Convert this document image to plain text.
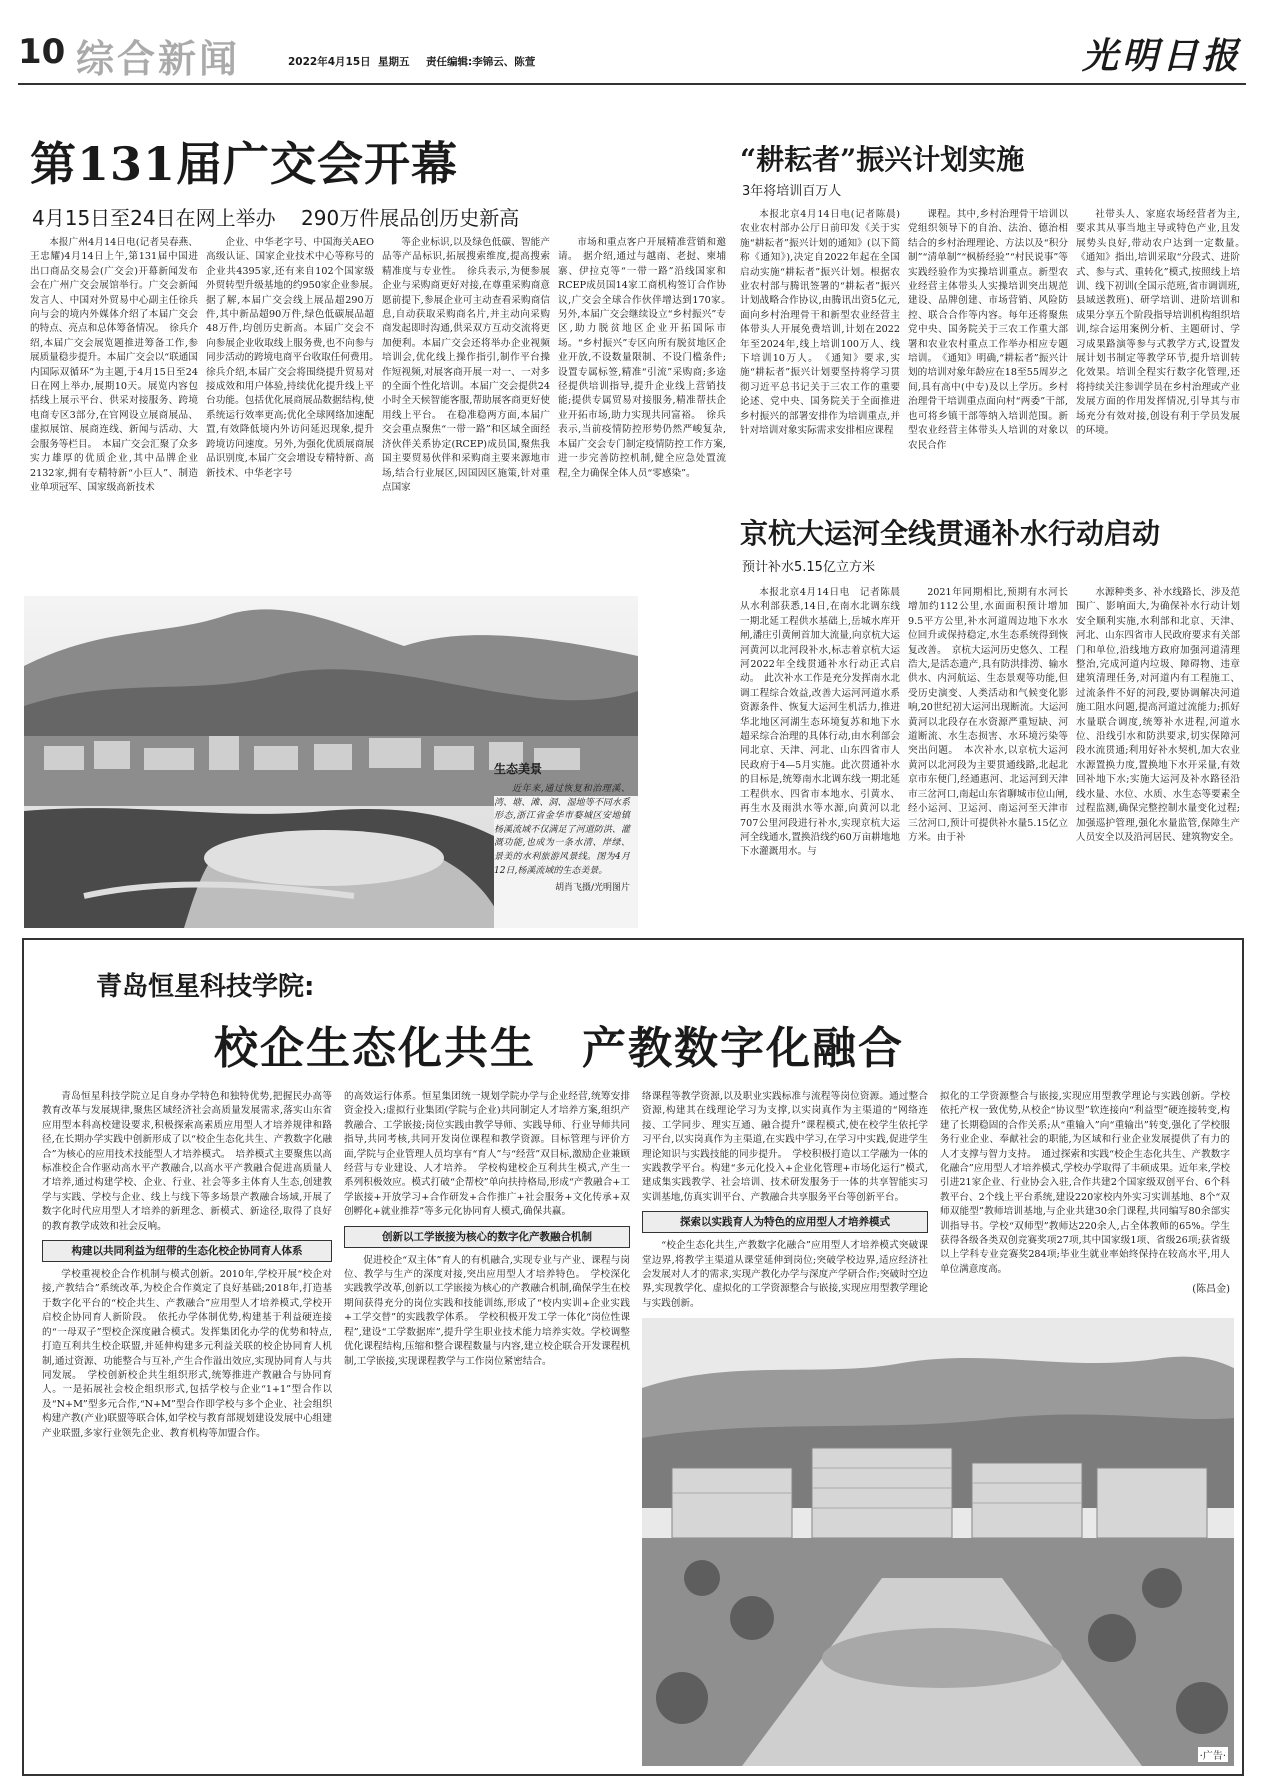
10 综合新闻	2022年4月15日 星期五 责任编辑:李锦云、陈萱	光明日报
第131届广交会开幕
4月15日至24日在网上举办    290万件展品创历史新高

本报广州4月14日电(记者吴春燕、王忠耀)4月14日上午,第131届中国进出口商品交易会(广交会)开幕新闻发布会在广州广交会展馆举行。广交会新闻发言人、中国对外贸易中心副主任徐兵向与会的境内外媒体介绍了本届广交会的特点、亮点和总体筹备情况。　徐兵介绍,本届广交会展览题推进筹备工作,参展质量稳步提升。本届广交会以“联通国内国际双循环”为主题,于4月15日至24日在网上举办,展期10天。展览内容包括线上展示平台、供采对接服务、跨境电商专区3部分,在官网设立展商展品、虚拟展馆、展商连线、新闻与活动、大会服务等栏目。　本届广交会汇聚了众多实力雄厚的优质企业,其中品牌企业2132家,拥有专精特新“小巨人”、制造业单项冠军、国家级高新技术

企业、中华老字号、中国海关AEO高级认证、国家企业技术中心等称号的企业共4395家,还有来自102个国家级外贸转型升级基地的约950家企业参展。　据了解,本届广交会线上展品超290万件,其中新品超90万件,绿色低碳展品超48万件,均创历史新高。本届广交会不向参展企业收取线上服务费,也不向参与同步活动的跨境电商平台收取任何费用。　徐兵介绍,本届广交会将围绕提升贸易对接成效和用户体验,持续优化提升线上平台功能。包括优化展商展品数据结构,使系统运行效率更高;优化全球网络加速配置,有效降低境内外访问延迟现象,提升跨境访问速度。另外,为强化优质展商展品识别度,本届广交会增设专精特新、高新技术、中华老字号

等企业标识,以及绿色低碳、智能产品等产品标识,拓展搜索维度,提高搜索精准度与专业性。　徐兵表示,为便参展企业与采购商更好对接,在尊重采购商意愿前提下,参展企业可主动查看采购商信息,自动获取采购商名片,并主动向采购商发起即时沟通,供采双方互动交流将更加便利。本届广交会还将举办企业视频培训会,优化线上操作指引,制作平台操作短视频,对展客商开展一对一、一对多的全面个性化培训。本届广交会提供24小时全天候智能客服,帮助展客商更好使用线上平台。　在稳准稳两方面,本届广交会重点聚焦“一带一路”和区域全面经济伙伴关系协定(RCEP)成员国,聚焦我国主要贸易伙伴和采购商主要来源地市场,结合行业展区,因国因区施策,针对重点国家

市场和重点客户开展精准营销和邀请。　据介绍,通过与越南、老挝、柬埔寨、伊拉克等“一带一路”沿线国家和RCEP成员国14家工商机构签订合作协议,广交会全球合作伙伴增达到170家。　另外,本届广交会继续设立“乡村振兴”专区,助力脱贫地区企业开拓国际市场。“乡村振兴”专区向所有脱贫地区企业开放,不设数量限制、不设门槛条件;设置专属标签,精准“引流”采购商;多途径提供培训指导,提升企业线上营销技能;提供专属贸易对接服务,精准帮扶企业开拓市场,助力实现共同富裕。　徐兵表示,当前疫情防控形势仍然严峻复杂,本届广交会专门制定疫情防控工作方案,进一步完善防控机制,健全应急处置流程,全力确保全体人员“零感染”。

生态美景

近年来,通过恢复和治理溪、湾、塘、滩、洞、湿地等不同水系形态,浙江省金华市婺城区安地镇杨溪流域不仅满足了河道防洪、灌溉功能,也成为一条水清、岸绿、景美的水利旅游风景线。图为4月12日,杨溪流域的生态美景。

胡肖飞摄/光明图片
“耕耘者”振兴计划实施
3年将培训百万人

本报北京4月14日电(记者陈晨)农业农村部办公厅日前印发《关于实施“耕耘者”振兴计划的通知》(以下简称《通知》),决定自2022年起在全国启动实施“耕耘者”振兴计划。根据农业农村部与腾讯签署的“耕耘者”振兴计划战略合作协议,由腾讯出资5亿元,面向乡村治理骨干和新型农业经营主体带头人开展免费培训,计划在2022年至2024年,线上培训100万人、线下培训10万人。　《通知》要求,实施“耕耘者”振兴计划要坚持将学习贯彻习近平总书记关于三农工作的重要论述、党中央、国务院关于全面推进乡村振兴的部署安排作为培训重点,并针对培训对象实际需求安排相应课程

课程。其中,乡村治理骨干培训以党组织领导下的自治、法治、德治相结合的乡村治理理论、方法以及“积分制”“清单制”“枫桥经验”“村民说事”等实践经验作为实操培训重点。新型农业经营主体带头人实操培训突出规范建设、品牌创建、市场营销、风险防控、联合合作等内容。每年还将聚焦党中央、国务院关于三农工作重大部署和农业农村重点工作举办相应专题培训。　《通知》明确,“耕耘者”振兴计划的培训对象年龄应在18至55周岁之间,具有高中(中专)及以上学历。乡村治理骨干培训重点面向村“两委”干部,也可将乡镇干部等纳入培训范围。新型农业经营主体带头人培训的对象以农民合作

社带头人、家庭农场经营者为主,要求其从事当地主导或特色产业,且发展势头良好,带动农户达到一定数量。　《通知》指出,培训采取“分段式、进阶式、参与式、重转化”模式,按照线上培训、线下初训(全国示范班,省市调训班,县域送教班)、研学培训、进阶培训和成果分享五个阶段指导培训机构组织培训,综合运用案例分析、主题研讨、学习成果路演等参与式教学方式,设置发展计划书制定等教学环节,提升培训转化效果。培训全程实行数字化管理,还将持续关注参训学员在乡村治理或产业发展方面的作用发挥情况,引导其与市场充分有效对接,创设有利于学员发展的环境。

京杭大运河全线贯通补水行动启动
预计补水5.15亿立方米

本报北京4月14日电　记者陈晨从水利部获悉,14日,在南水北调东线一期北延工程供水基础上,岳城水库开闸,潘庄引黄闸首加大流量,向京杭大运河黄河以北河段补水,标志着京杭大运河2022年全线贯通补水行动正式启动。　此次补水工作是充分发挥南水北调工程综合效益,改善大运河河道水系资源条件、恢复大运河生机活力,推进华北地区河湖生态环境复苏和地下水超采综合治理的具体行动,由水利部会同北京、天津、河北、山东四省市人民政府于4—5月实施。此次贯通补水的目标是,统筹南水北调东线一期北延工程供水、四省市本地水、引黄水、再生水及雨洪水等水源,向黄河以北707公里河段进行补水,实现京杭大运河全线通水,置换沿线约60万亩耕地地下水灌溉用水。与

2021年同期相比,预期有水河长增加约112公里,水面面积预计增加9.5平方公里,补水河道周边地下水水位回升或保持稳定,水生态系统得到恢复改善。　京杭大运河历史悠久、工程浩大,是活态遗产,具有防洪排涝、输水供水、内河航运、生态景观等功能,但受历史演变、人类活动和气候变化影响,20世纪初大运河出现断流。大运河黄河以北段存在水资源严重短缺、河道断流、水生态损害、水环境污染等突出问题。　本次补水,以京杭大运河黄河以北河段为主要贯通线路,北起北京市东便门,经通惠河、北运河到天津市三岔河口,南起山东省聊城市位山闸,经小运河、卫运河、南运河至天津市三岔河口,预计可提供补水量5.15亿立方米。由于补

水源种类多、补水线路长、涉及范围广、影响面大,为确保补水行动计划安全顺利实施,水利部和北京、天津、河北、山东四省市人民政府要求有关部门和单位,沿线地方政府加强河道清理整治,完成河道内垃圾、障碍物、违章建筑清理任务,对河道内有工程施工、过流条件不好的河段,要协调解决河道施工阻水问题,提高河道过流能力;抓好水量联合调度,统筹补水进程,河道水位、沿线引水和防洪要求,切实保障河段水流贯通;利用好补水契机,加大农业水源置换力度,置换地下水开采量,有效回补地下水;实施大运河及补水路径沿线水量、水位、水质、水生态等要素全过程监测,确保完整控制水量变化过程;加强巡护管理,强化水量监管,保障生产人员安全以及沿河居民、建筑物安全。

青岛恒星科技学院:
校企生态化共生　产教数字化融合

青岛恒星科技学院立足自身办学特色和独特优势,把握民办高等教育改革与发展规律,聚焦区域经济社会高质量发展需求,落实山东省应用型本科高校建设要求,积极探索高素质应用型人才培养规律和路径,在长期办学实践中创新形成了以“校企生态化共生、产教数字化融合”为核心的应用技术技能型人才培养模式。　培养模式主要聚焦以高标准校企合作驱动高水平产教融合,以高水平产教融合促进高质量人才培养,通过构建学校、企业、行业、社会等多主体育人生态,创建教学与实践、学校与企业、线上与线下等多场景产教融合场域,开展了数字化时代应用型人才培养的新理念、新模式、新途径,取得了良好的教育教学成效和社会反响。

构建以共同利益为纽带的生态化校企协同育人体系

学校重视校企合作机制与模式创新。2010年,学校开展“校企对接,产教结合”系统改革,为校企合作奠定了良好基础;2018年,打造基于数字化平台的“校企共生、产教融合”应用型人才培养模式,学校开启校企协同育人新阶段。　依托办学体制优势,构建基于利益硬连接的“一母双子”型校企深度融合模式。发挥集团化办学的优势和特点,打造互利共生校企联盟,并延伸构建多元利益关联的校企协同育人机制,通过资源、功能整合与互补,产生合作溢出效应,实现协同育人与共同发展。　学校创新校企共生组织形式,统筹推进产教融合与协同育人。一是拓展社会校企组织形式,包括学校与企业“1+1”型合作以及“N+M”型多元合作,“N+M”型合作即学校与多个企业、社会组织构建产教(产业)联盟等联合体,如学校与教育部规划建设发展中心组建产业联盟,多家行业领先企业、教育机构等加盟合作。

的高效运行体系。恒星集团统一规划学院办学与企业经营,统筹安排资金投入;虚拟行业集团(学院与企业)共同制定人才培养方案,组织产教融合、工学嵌接;岗位实践由教学导师、实践导师、行业导师共同指导,共同考核,共同开发岗位课程和教学资源。目标管理与评价方面,学院与企业管理人员均享有“育人”与“经营”双目标,激励企业兼顾经营与专业建设、人才培养。　学校构建校企互利共生模式,产生一系列积极效应。模式打破“企帮校”单向扶持格局,形成“产教融合+工学嵌接+开放学习+合作研发+合作推广+社会服务+文化传承+双创孵化+就业推荐”等多元化协同育人模式,确保共赢。

创新以工学嵌接为核心的数字化产教融合机制

促进校企“双主体”育人的有机融合,实现专业与产业、课程与岗位、教学与生产的深度对接,突出应用型人才培养特色。　学校深化实践教学改革,创新以工学嵌接为核心的产教融合机制,确保学生在校期间获得充分的岗位实践和技能训练,形成了“校内实训+企业实践+工学交替”的实践教学体系。　学校积极开发工学一体化“岗位性课程”,建设“工学数据库”,提升学生职业技术能力培养实效。学校调整优化课程结构,压缩和整合课程数量与内容,建立校企联合开发课程机制,工学嵌接,实现课程教学与工作岗位紧密结合。

络课程等教学资源,以及职业实践标准与流程等岗位资源。通过整合资源,构建其在线理论学习为支撑,以实岗真作为主渠道的“网络连接、工学同步、理实互通、融合提升”课程模式,使在校学生依托学习平台,以实岗真作为主渠道,在实践中学习,在学习中实践,促进学生理论知识与实践技能的同步提升。　学校积极打造以工学融为一体的实践教学平台。构建“多元化投入+企业化管理+市场化运行”模式,建成集实践教学、社会培训、技术研发服务于一体的共享智能实习实训基地,仿真实训平台、产教融合共享服务平台等创新平台。

探索以实践育人为特色的应用型人才培养模式

“校企生态化共生,产教数字化融合”应用型人才培养模式突破课堂边界,将教学主渠道从课堂延伸到岗位;突破学校边界,适应经济社会发展对人才的需求,实现产教化办学与深度产学研合作;突破时空边界,实现教学化、虚拟化的工学资源整合与嵌接,实现应用型教学理论与实践创新。

拟化的工学资源整合与嵌接,实现应用型教学理论与实践创新。学校依托产权一致优势,从校企“协议型”软连接向“利益型”硬连接转变,构建了长期稳固的合作关系;从“重输入”向“重输出”转变,强化了学校服务行业企业、奉献社会的职能,为区域和行业企业发展提供了有力的人才支撑与智力支持。　通过探索和实践“校企生态化共生、产教数字化融合”应用型人才培养模式,学校办学取得了丰硕成果。近年来,学校引进21家企业、行业协会入驻,合作共建2个国家级双创平台、6个科教平台、2个线上平台系统,建设220家校内外实习实训基地、8个“双师双能型”教师培训基地,与企业共建30余门课程,共同编写80余部实训指导书。学校“双师型”教师达220余人,占全体教师的65%。学生获得各级各类双创竞赛奖项27项,其中国家级1项、省级26项;获省级以上学科专业竞赛奖284项;毕业生就业率始终保持在较高水平,用人单位满意度高。

(陈昌金)
·广告·
